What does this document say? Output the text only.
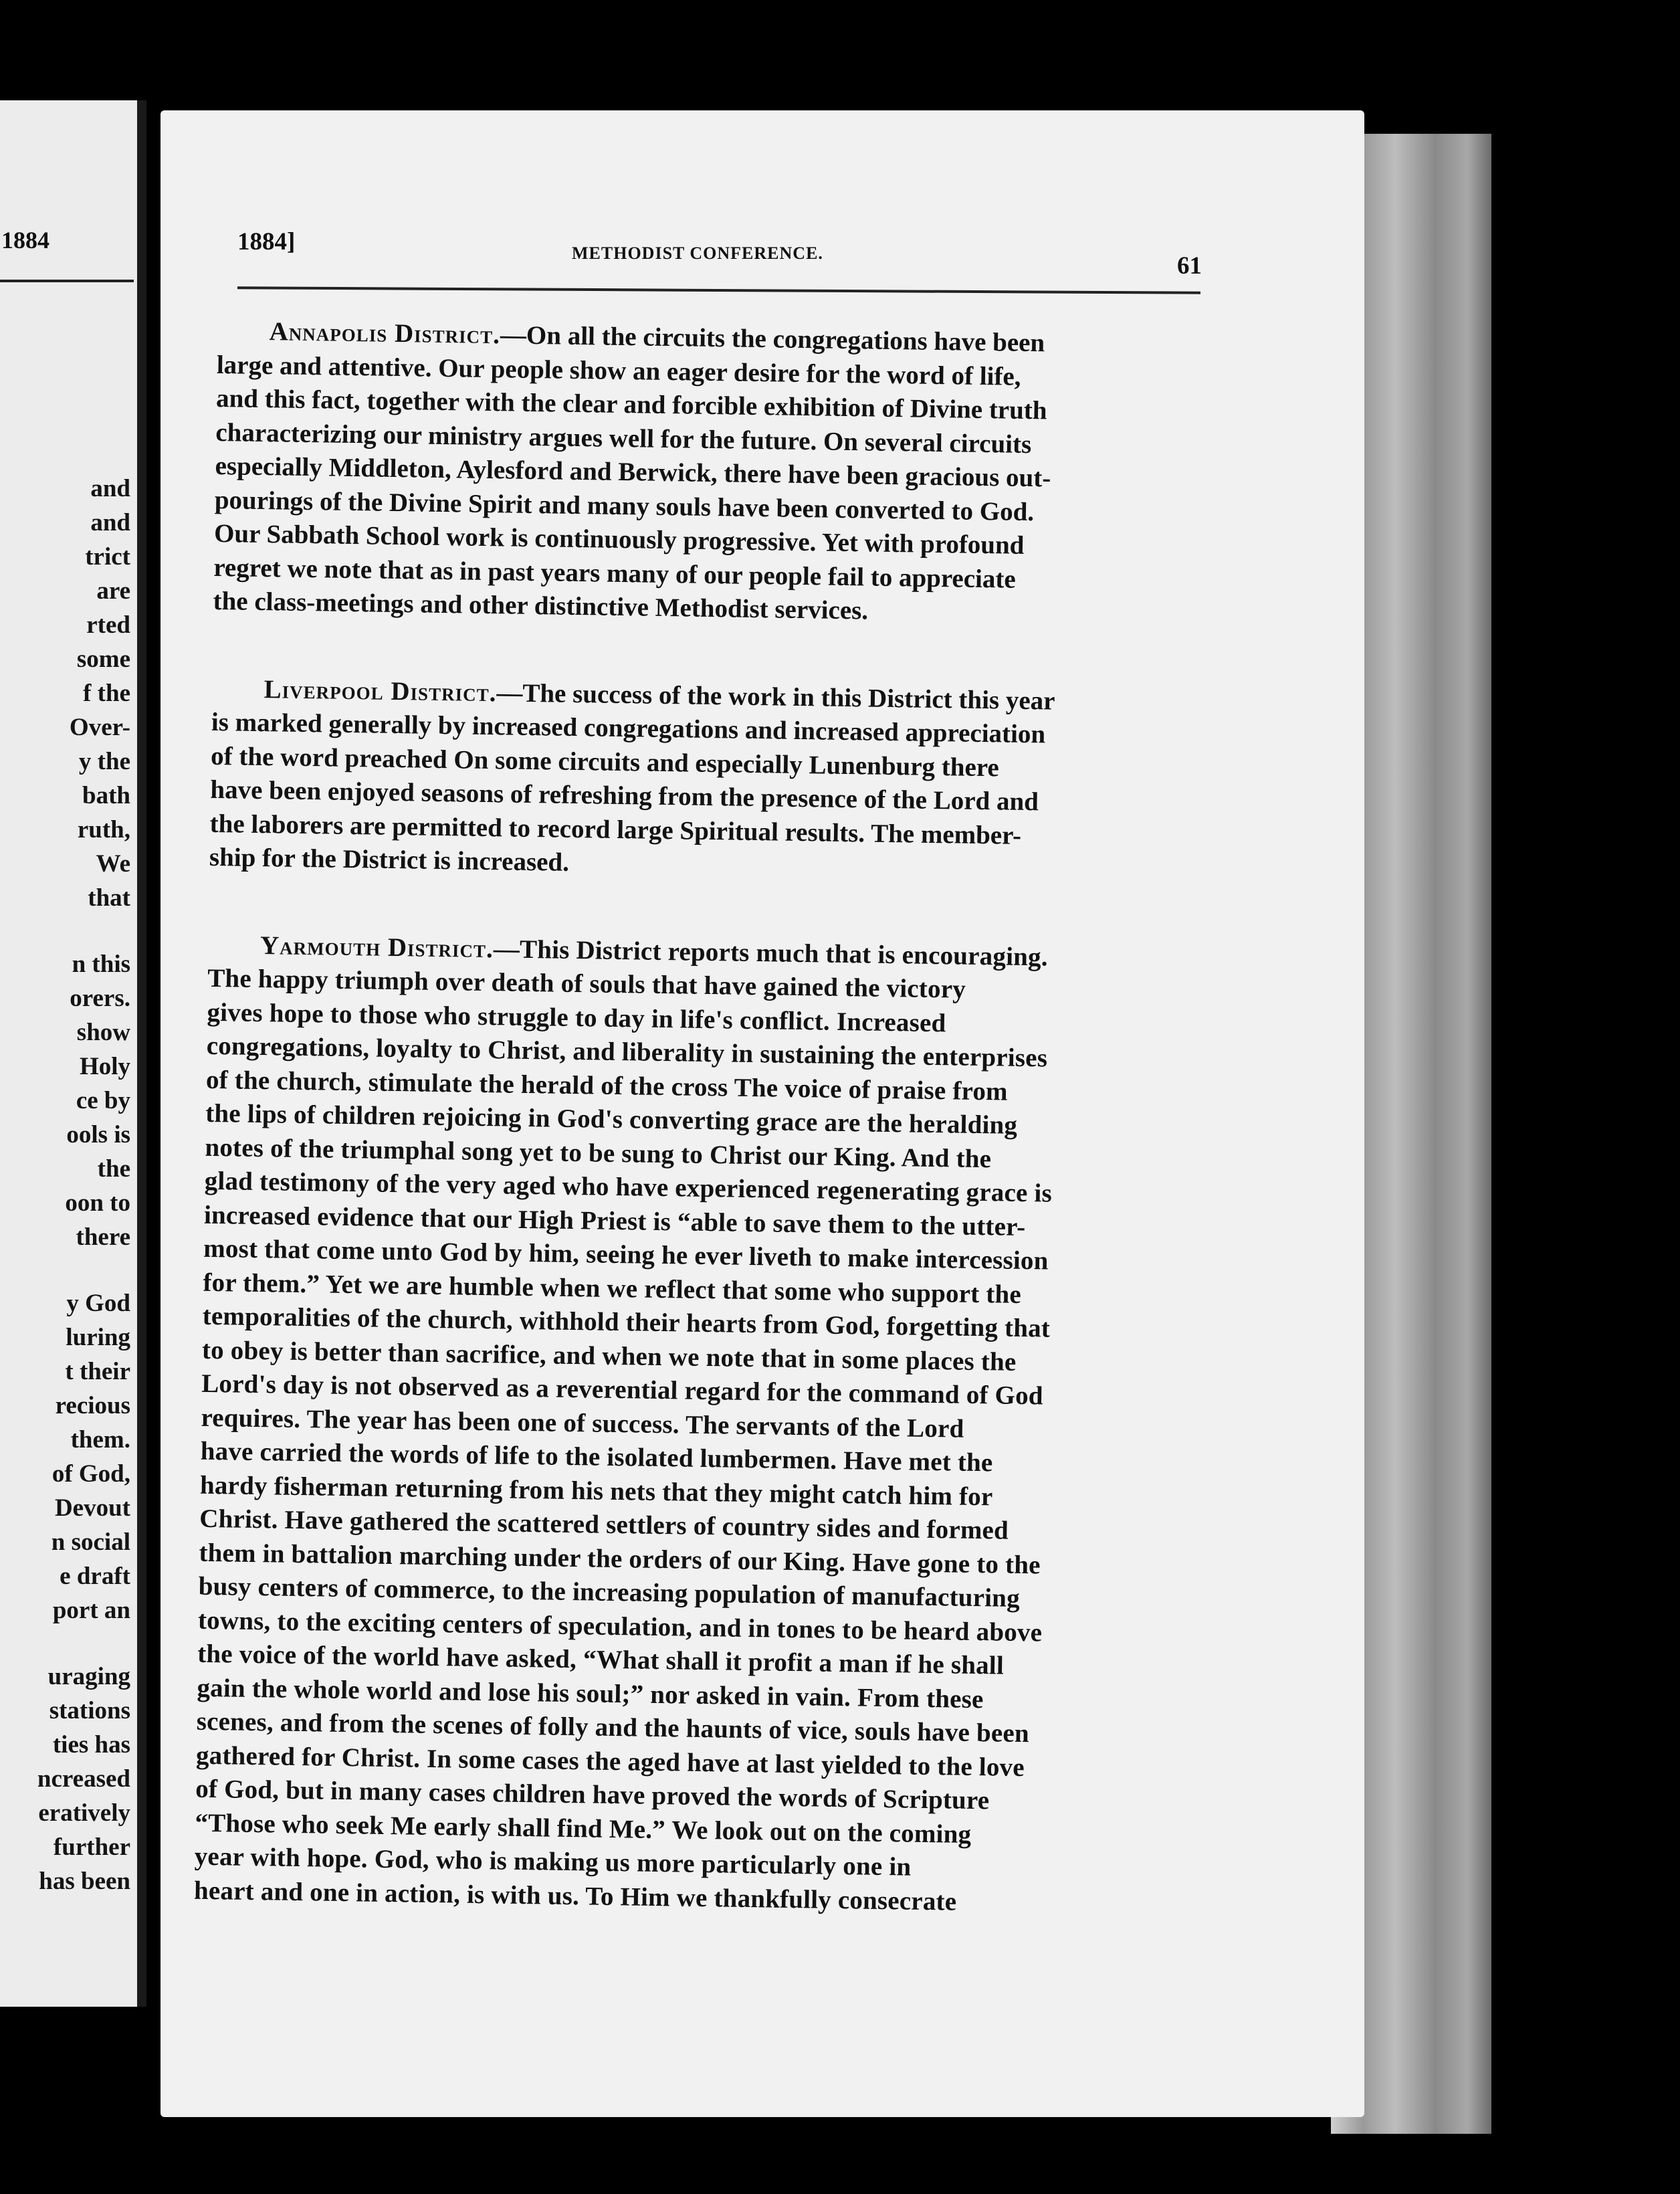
1884
and
and
trict
are
rted
some
f the
Over-
y the
bath
ruth,
We
that
n this
orers.
show
Holy
ce by
ools is
the
oon to
there
y God
luring
t their
recious
them.
of God,
Devout
n social
e draft
port an
uraging
stations
ties has
ncreased
eratively
further
has been
1884]	METHODIST CONFERENCE.	61
Annapolis District.—On all the circuits the congregations have been
large and attentive. Our people show an eager desire for the word of life,
and this fact, together with the clear and forcible exhibition of Divine truth
characterizing our ministry argues well for the future. On several circuits
especially Middleton, Aylesford and Berwick, there have been gracious out-
pourings of the Divine Spirit and many souls have been converted to God.
Our Sabbath School work is continuously progressive. Yet with profound
regret we note that as in past years many of our people fail to appreciate
the class-meetings and other distinctive Methodist services.
Liverpool District.—The success of the work in this District this year
is marked generally by increased congregations and increased appreciation
of the word preached On some circuits and especially Lunenburg there
have been enjoyed seasons of refreshing from the presence of the Lord and
the laborers are permitted to record large Spiritual results. The member-
ship for the District is increased.
Yarmouth District.—This District reports much that is encouraging.
The happy triumph over death of souls that have gained the victory
gives hope to those who struggle to day in life's conflict. Increased
congregations, loyalty to Christ, and liberality in sustaining the enterprises
of the church, stimulate the herald of the cross The voice of praise from
the lips of children rejoicing in God's converting grace are the heralding
notes of the triumphal song yet to be sung to Christ our King. And the
glad testimony of the very aged who have experienced regenerating grace is
increased evidence that our High Priest is “able to save them to the utter-
most that come unto God by him, seeing he ever liveth to make intercession
for them.” Yet we are humble when we reflect that some who support the
temporalities of the church, withhold their hearts from God, forgetting that
to obey is better than sacrifice, and when we note that in some places the
Lord's day is not observed as a reverential regard for the command of God
requires. The year has been one of success. The servants of the Lord
have carried the words of life to the isolated lumbermen. Have met the
hardy fisherman returning from his nets that they might catch him for
Christ. Have gathered the scattered settlers of country sides and formed
them in battalion marching under the orders of our King. Have gone to the
busy centers of commerce, to the increasing population of manufacturing
towns, to the exciting centers of speculation, and in tones to be heard above
the voice of the world have asked, “What shall it profit a man if he shall
gain the whole world and lose his soul;” nor asked in vain. From these
scenes, and from the scenes of folly and the haunts of vice, souls have been
gathered for Christ. In some cases the aged have at last yielded to the love
of God, but in many cases children have proved the words of Scripture
“Those who seek Me early shall find Me.” We look out on the coming
year with hope. God, who is making us more particularly one in
heart and one in action, is with us. To Him we thankfully consecrate
